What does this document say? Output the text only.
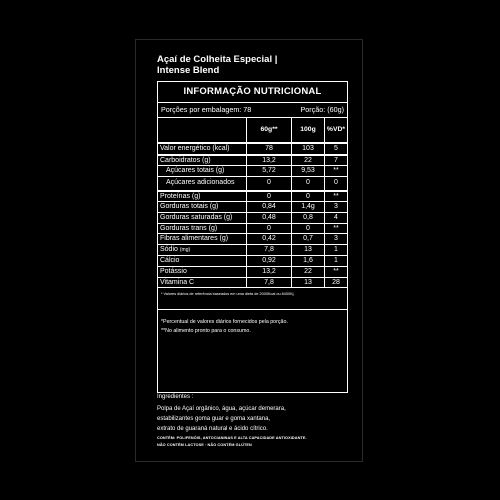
Açaí de Colheita Especial |
Intense Blend
INFORMAÇÃO NUTRICIONAL
Porções por embalagem: 78	Porção: (60g)
	60g**	100g	%VD*
Valor energético (kcal)	78	103	5
Carboidratos (g)	13,2	22	7
Açúcares totais (g)	5,72	9,53	**
Açúcares adicionados	0	0	0
Proteínas (g)	0	0	**
Gorduras totais (g)	0,84	1,4g	3
Gorduras saturadas (g)	0,48	0,8	4
Gorduras trans (g)	0	0	**
Fibras alimentares (g)	0,42	0,7	3
Sódio (mg)	7,8	13	1
Cálcio	0,92	1,6	1
Potássio	13,2	22	**
Vitamina C	7,8	13	28
* Valores diários de referência baseados em uma dieta de 2000Kcal ou 8400Kj.
*Percentual de valores diários fornecidos pela porção.
**No alimento pronto para o consumo.
Ingredientes :
Polpa de Açaí orgânico, água, açúcar demerara,
estabilizantes goma guar e goma xantana,
extrato de guaraná natural e ácido cítrico.
CONTÉM: POLIFENÓIS, ANTOCIANINAS E ALTA CAPACIDADE ANTIOXIDANTE.
NÃO CONTÉM LACTOSE · NÃO CONTÉM GLÚTEN
